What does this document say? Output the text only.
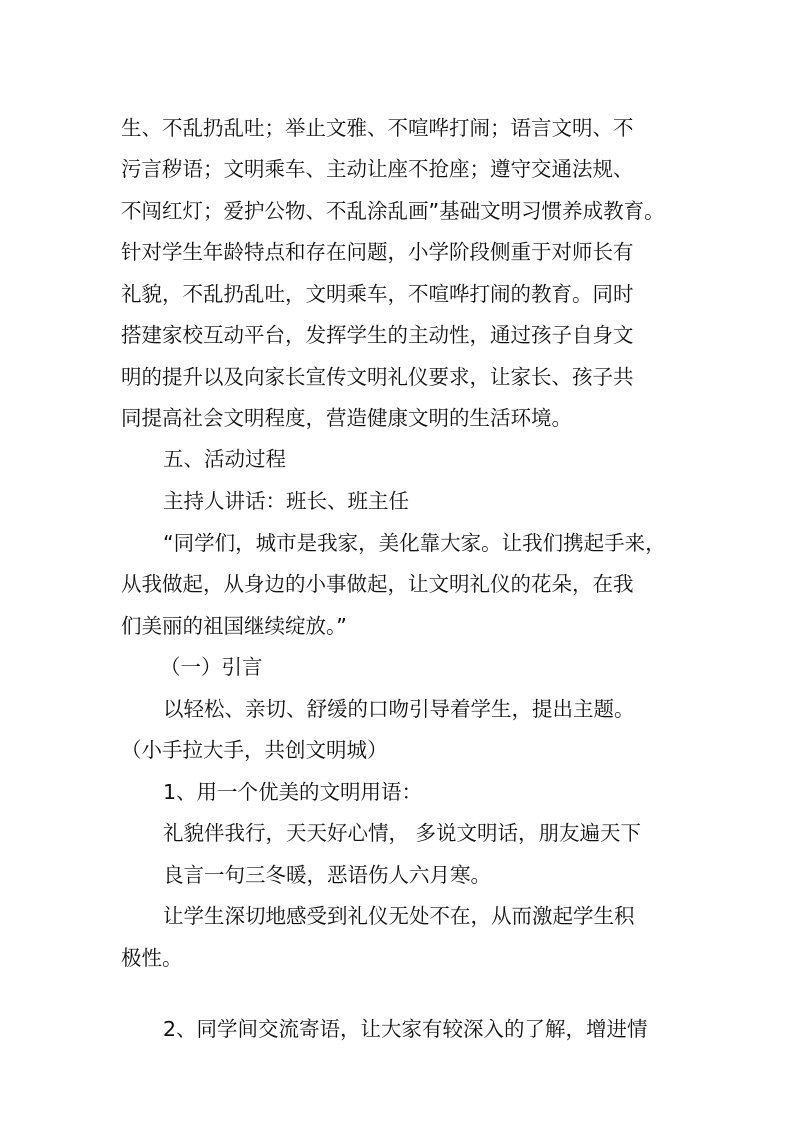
生、不乱扔乱吐；举止文雅、不喧哗打闹；语言文明、不
污言秽语；文明乘车、主动让座不抢座；遵守交通法规、
不闯红灯；爱护公物、不乱涂乱画”基础文明习惯养成教育。
针对学生年龄特点和存在问题，小学阶段侧重于对师长有
礼貌，不乱扔乱吐，文明乘车，不喧哗打闹的教育。同时
搭建家校互动平台，发挥学生的主动性，通过孩子自身文
明的提升以及向家长宣传文明礼仪要求，让家长、孩子共
同提高社会文明程度，营造健康文明的生活环境。
五、活动过程
主持人讲话：班长、班主任
“同学们，城市是我家，美化靠大家。让我们携起手来，
从我做起，从身边的小事做起，让文明礼仪的花朵，在我
们美丽的祖国继续绽放。”
（一）引言
以轻松、亲切、舒缓的口吻引导着学生，提出主题。
（小手拉大手，共创文明城）
1、用一个优美的文明用语：
礼貌伴我行，天天好心情， 多说文明话，朋友遍天下
良言一句三冬暖，恶语伤人六月寒。
让学生深切地感受到礼仪无处不在，从而激起学生积
极性。
2、同学间交流寄语，让大家有较深入的了解，增进情
